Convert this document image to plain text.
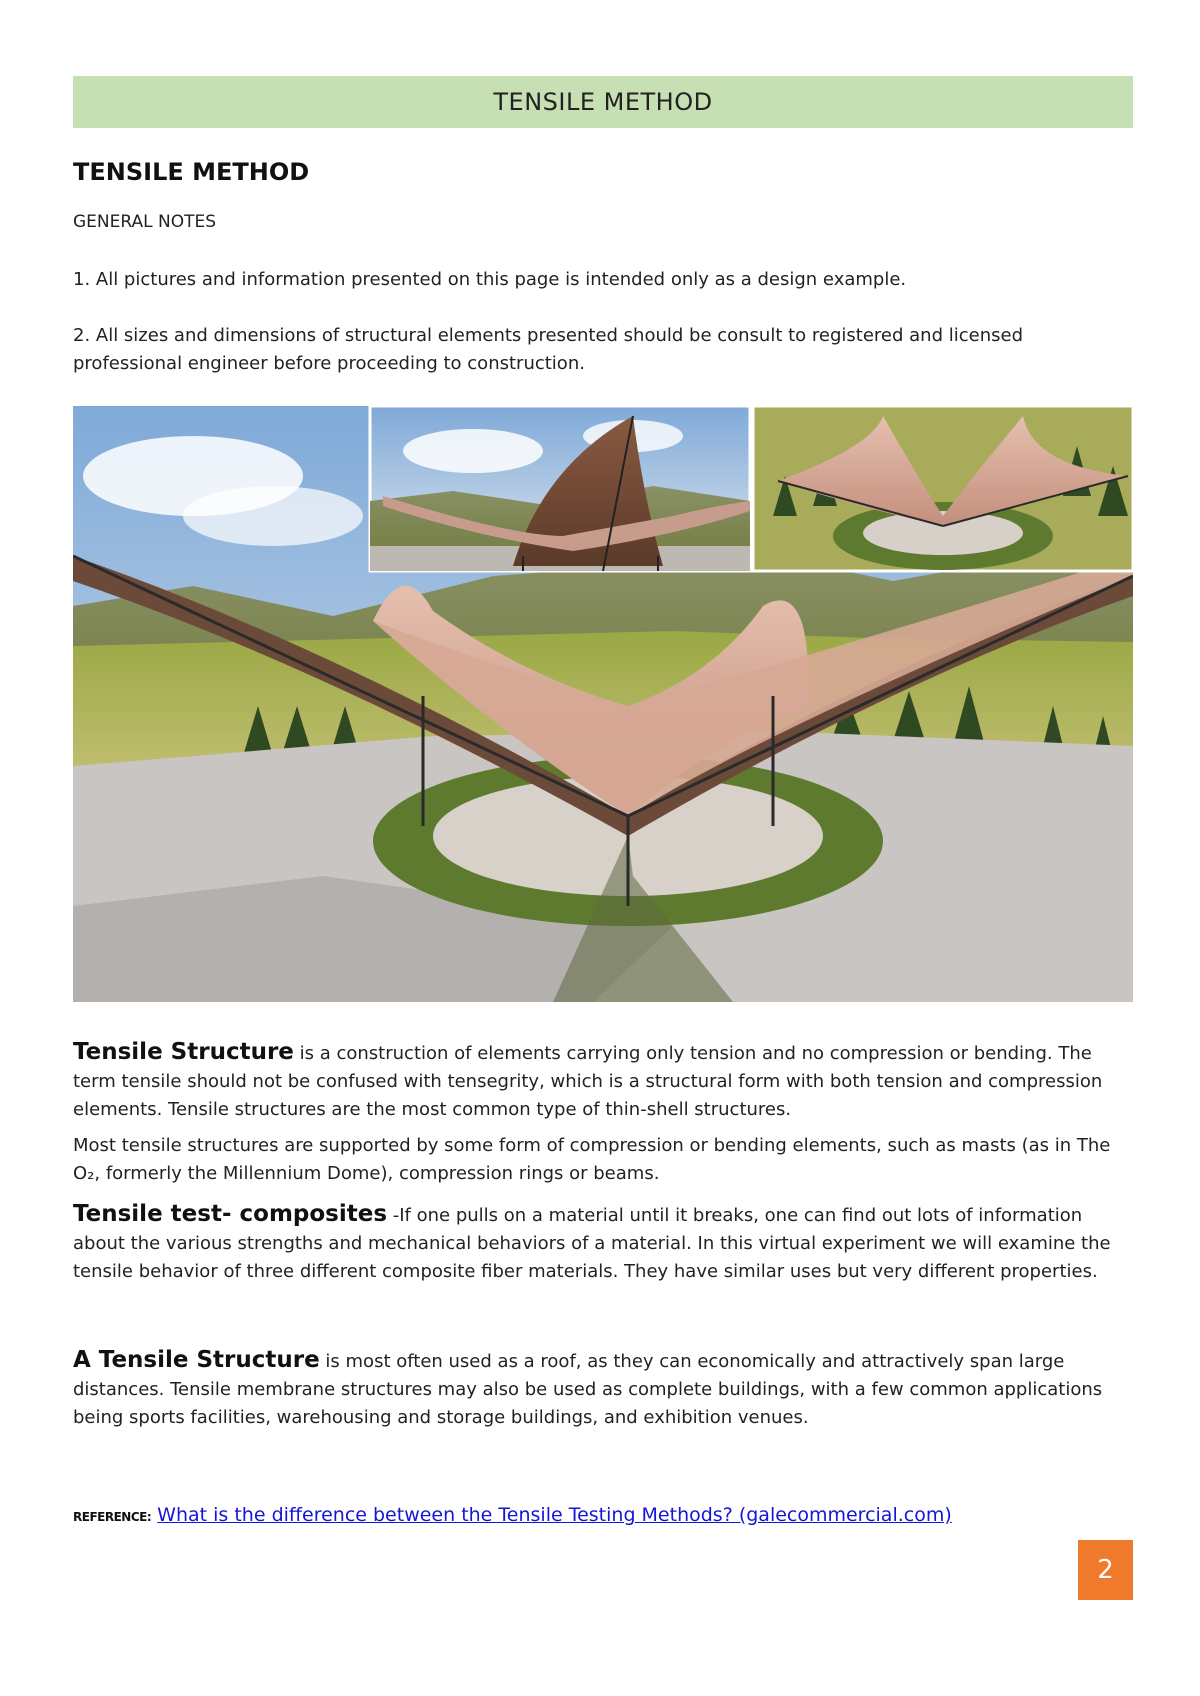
TENSILE METHOD
TENSILE METHOD
GENERAL NOTES
1. All pictures and information presented on this page is intended only as a design example.
2. All sizes and dimensions of structural elements presented should be consult to registered and licensed professional engineer before proceeding to construction.
Tensile Structure is a construction of elements carrying only tension and no compression or bending. The term tensile should not be confused with tensegrity, which is a structural form with both tension and compression elements. Tensile structures are the most common type of thin-shell structures.
Most tensile structures are supported by some form of compression or bending elements, such as masts (as in The O₂, formerly the Millennium Dome), compression rings or beams.
Tensile test- composites -If one pulls on a material until it breaks, one can find out lots of information about the various strengths and mechanical behaviors of a material. In this virtual experiment we will examine the tensile behavior of three different composite fiber materials. They have similar uses but very different properties.
A Tensile Structure is most often used as a roof, as they can economically and attractively span large distances. Tensile membrane structures may also be used as complete buildings, with a few common applications being sports facilities, warehousing and storage buildings, and exhibition venues.
REFERENCE: What is the difference between the Tensile Testing Methods? (galecommercial.com)
2
